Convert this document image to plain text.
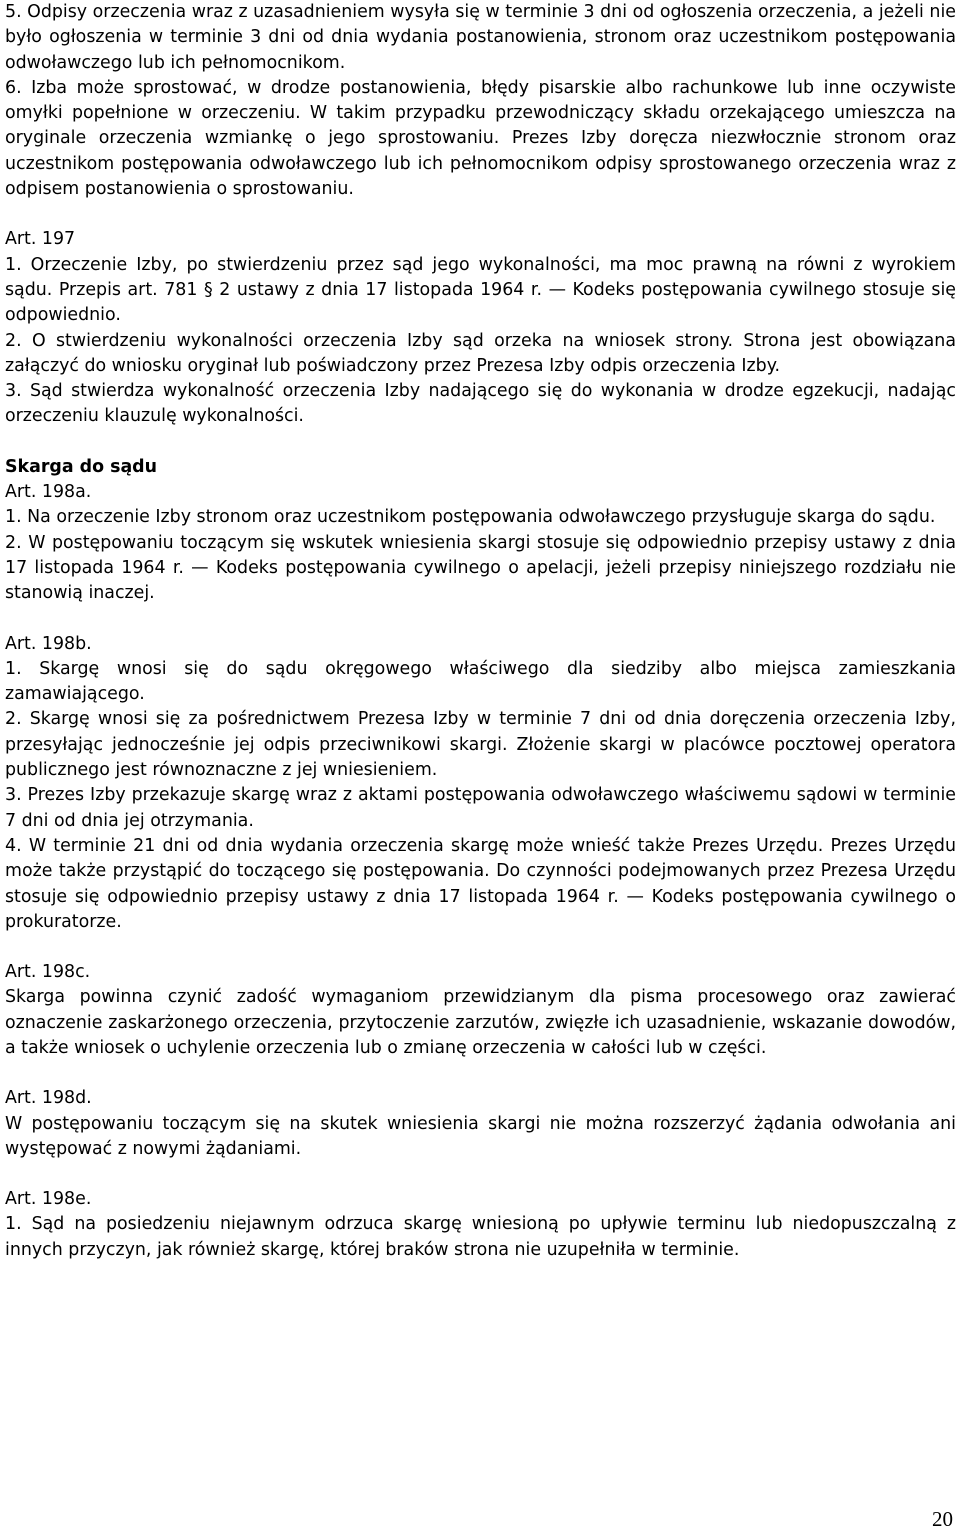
5. Odpisy orzeczenia wraz z uzasadnieniem wysyła się w terminie 3 dni od ogłoszenia orzeczenia, a jeżeli nie było ogłoszenia w terminie 3 dni od dnia wydania postanowienia, stronom oraz uczestnikom postępowania odwoławczego lub ich pełnomocnikom.

6. Izba może sprostować, w drodze postanowienia, błędy pisarskie albo rachunkowe lub inne oczywiste omyłki popełnione w orzeczeniu. W takim przypadku przewodniczący składu orzekającego umieszcza na oryginale orzeczenia wzmiankę o jego sprostowaniu. Prezes Izby doręcza niezwłocznie stronom oraz uczestnikom postępowania odwoławczego lub ich pełnomocnikom odpisy sprostowanego orzeczenia wraz z odpisem postanowienia o sprostowaniu.

Art. 197

1. Orzeczenie Izby, po stwierdzeniu przez sąd jego wykonalności, ma moc prawną na równi z wyrokiem sądu. Przepis art. 781 § 2 ustawy z dnia 17 listopada 1964 r. — Kodeks postępowania cywilnego stosuje się odpowiednio.

2. O stwierdzeniu wykonalności orzeczenia Izby sąd orzeka na wniosek strony. Strona jest obowiązana załączyć do wniosku oryginał lub poświadczony przez Prezesa Izby odpis orzeczenia Izby.

3. Sąd stwierdza wykonalność orzeczenia Izby nadającego się do wykonania w drodze egzekucji, nadając orzeczeniu klauzulę wykonalności.

Skarga do sądu

Art. 198a.

1. Na orzeczenie Izby stronom oraz uczestnikom postępowania odwoławczego przysługuje skarga do sądu.

2. W postępowaniu toczącym się wskutek wniesienia skargi stosuje się odpowiednio przepisy ustawy z dnia 17 listopada 1964 r. — Kodeks postępowania cywilnego o apelacji, jeżeli przepisy niniejszego rozdziału nie stanowią inaczej.

Art. 198b.

1. Skargę wnosi się do sądu okręgowego właściwego dla siedziby albo miejsca zamieszkania zamawiającego.

2. Skargę wnosi się za pośrednictwem Prezesa Izby w terminie 7 dni od dnia doręczenia orzeczenia Izby, przesyłając jednocześnie jej odpis przeciwnikowi skargi. Złożenie skargi w placówce pocztowej operatora publicznego jest równoznaczne z jej wniesieniem.

3. Prezes Izby przekazuje skargę wraz z aktami postępowania odwoławczego właściwemu sądowi w terminie 7 dni od dnia jej otrzymania.

4. W terminie 21 dni od dnia wydania orzeczenia skargę może wnieść także Prezes Urzędu. Prezes Urzędu może także przystąpić do toczącego się postępowania. Do czynności podejmowanych przez Prezesa Urzędu stosuje się odpowiednio przepisy ustawy z dnia 17 listopada 1964 r. — Kodeks postępowania cywilnego o prokuratorze.

Art. 198c.

Skarga powinna czynić zadość wymaganiom przewidzianym dla pisma procesowego oraz zawierać oznaczenie zaskarżonego orzeczenia, przytoczenie zarzutów, zwięzłe ich uzasadnienie, wskazanie dowodów, a także wniosek o uchylenie orzeczenia lub o zmianę orzeczenia w całości lub w części.

Art. 198d.

W postępowaniu toczącym się na skutek wniesienia skargi nie można rozszerzyć żądania odwołania ani występować z nowymi żądaniami.

Art. 198e.

1. Sąd na posiedzeniu niejawnym odrzuca skargę wniesioną po upływie terminu lub niedopuszczalną z innych przyczyn, jak również skargę, której braków strona nie uzupełniła w terminie.

20
